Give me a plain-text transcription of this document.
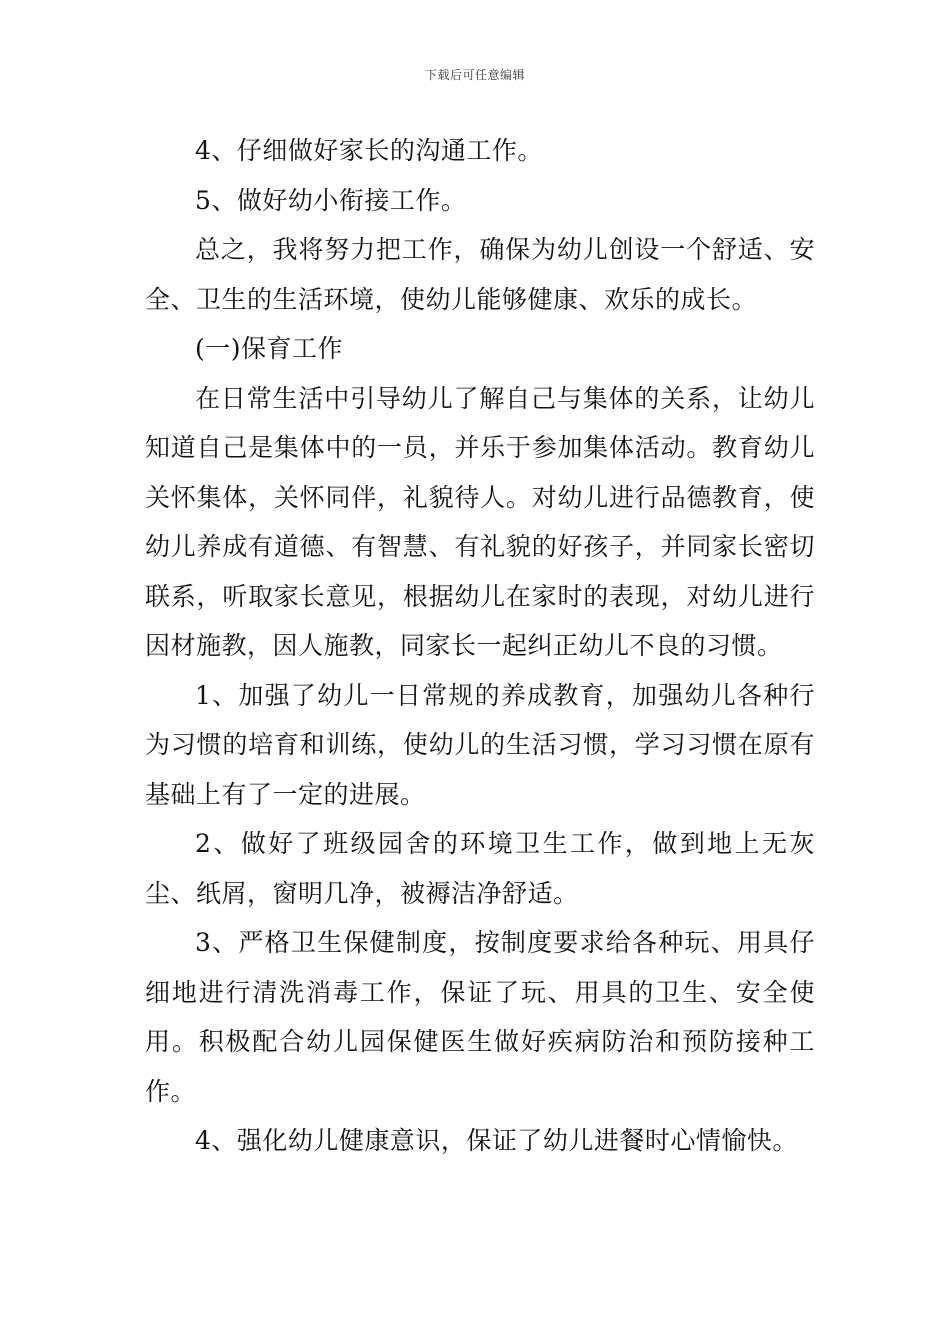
下载后可任意编辑

4、仔细做好家长的沟通工作。

5、做好幼小衔接工作。

总之，我将努力把工作，确保为幼儿创设一个舒适、安全、卫生的生活环境，使幼儿能够健康、欢乐的成长。

(一)保育工作

在日常生活中引导幼儿了解自己与集体的关系，让幼儿知道自己是集体中的一员，并乐于参加集体活动。教育幼儿关怀集体，关怀同伴，礼貌待人。对幼儿进行品德教育，使幼儿养成有道德、有智慧、有礼貌的好孩子，并同家长密切联系，听取家长意见，根据幼儿在家时的表现，对幼儿进行因材施教，因人施教，同家长一起纠正幼儿不良的习惯。

1、加强了幼儿一日常规的养成教育，加强幼儿各种行为习惯的培育和训练，使幼儿的生活习惯，学习习惯在原有基础上有了一定的进展。

2、做好了班级园舍的环境卫生工作，做到地上无灰尘、纸屑，窗明几净，被褥洁净舒适。

3、严格卫生保健制度，按制度要求给各种玩、用具仔细地进行清洗消毒工作，保证了玩、用具的卫生、安全使用。积极配合幼儿园保健医生做好疾病防治和预防接种工作。

4、强化幼儿健康意识，保证了幼儿进餐时心情愉快。
